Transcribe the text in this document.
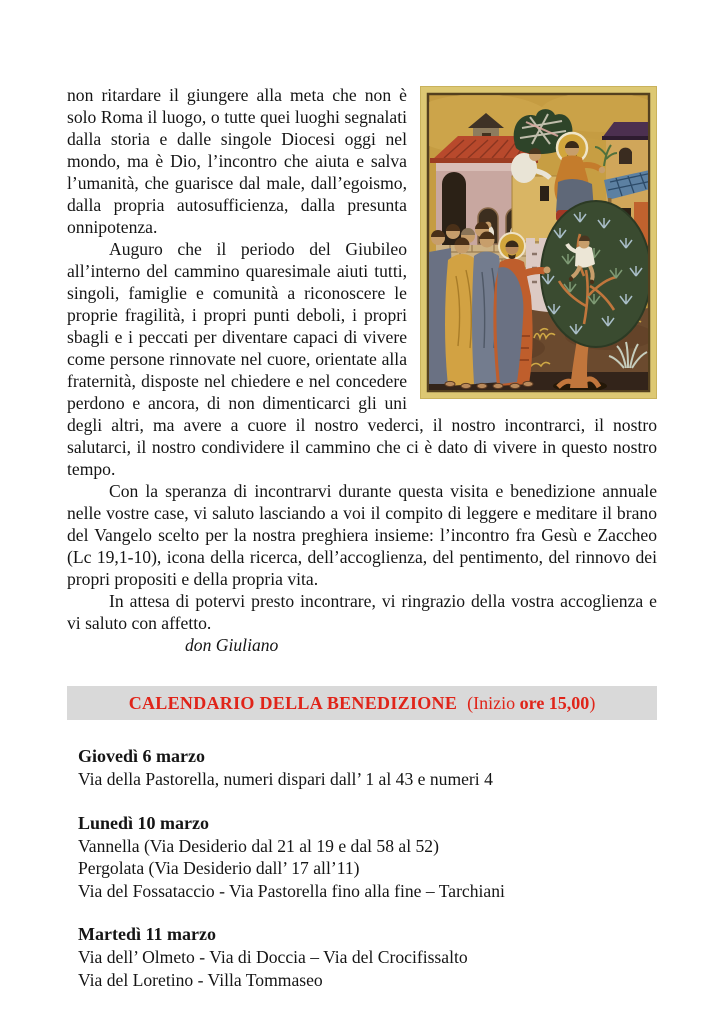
non ritardare il giungere alla meta che non è solo Roma il luogo, o tutte quei luoghi segnalati dalla storia e dalle singole Diocesi oggi nel mondo, ma è Dio, l’incontro che aiuta e salva l’umanità, che guarisce dal male, dall’egoismo, dalla propria autosufficienza, dalla presunta onnipotenza.

Auguro che il periodo del Giubileo all’interno del cammino quaresimale aiuti tutti, singoli, famiglie e comunità a riconoscere le proprie fragilità, i propri punti deboli, i propri sbagli e i peccati per diventare capaci di vivere come persone rinnovate nel cuore, orientate alla fraternità, disposte nel chiedere e nel concedere perdono e ancora, di non dimenticarci gli uni degli altri, ma avere a cuore il nostro vederci, il nostro incontrarci, il nostro salutarci, il nostro condividere il cammino che ci è dato di vivere in questo nostro tempo.

Con la speranza di incontrarvi durante questa visita e benedizione annuale nelle vostre case, vi saluto lasciando a voi il compito di leggere e meditare il brano del Vangelo scelto per la nostra preghiera insieme: l’incontro fra Gesù e Zaccheo (Lc 19,1-10), icona della ricerca, dell’accoglienza, del pentimento, del rinnovo dei propri propositi e della propria vita.

In attesa di potervi presto incontrare, vi ringrazio della vostra accoglienza e vi saluto con affetto.

don Giuliano

CALENDARIO DELLA BENEDIZIONE (Inizio ore 15,00)
Giovedì 6 marzo
Via della Pastorella, numeri dispari dall’ 1 al 43 e numeri 4
Lunedì 10 marzo
Vannella (Via Desiderio dal 21 al 19 e dal 58 al 52)
Pergolata (Via Desiderio dall’ 17 all’11)
Via del Fossataccio - Via Pastorella fino alla fine – Tarchiani
Martedì 11 marzo
Via dell’ Olmeto - Via di Doccia – Via del Crocifissalto
Via del Loretino - Villa Tommaseo
